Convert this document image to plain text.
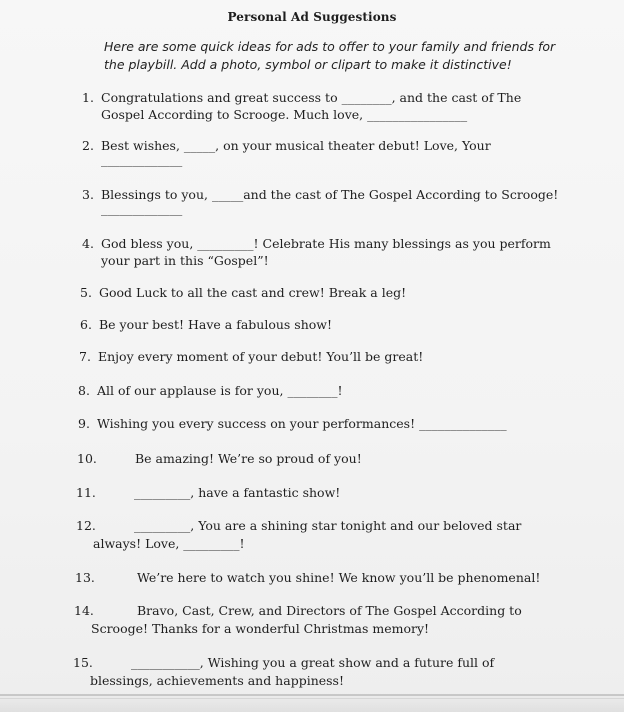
Personal Ad Suggestions
Here are some quick ideas for ads to offer to your family and friends for
the playbill. Add a photo, symbol or clipart to make it distinctive!
1. Congratulations and great success to ________, and the cast of The
Gospel According to Scrooge. Much love, ________________
2. Best wishes, _____, on your musical theater debut! Love, Your
_____________
3. Blessings to you, _____and the cast of The Gospel According to Scrooge!
_____________
4. God bless you, _________! Celebrate His many blessings as you perform
your part in this “Gospel”!
5. Good Luck to all the cast and crew! Break a leg!
6. Be your best! Have a fabulous show!
7. Enjoy every moment of your debut! You’ll be great!
8. All of our applause is for you, ________!
9. Wishing you every success on your performances! ______________
10.	Be amazing! We’re so proud of you!
11.	_________, have a fantastic show!
12.	_________, You are a shining star tonight and our beloved star
always! Love, _________!
13.	We’re here to watch you shine! We know you’ll be phenomenal!
14.	Bravo, Cast, Crew, and Directors of The Gospel According to
Scrooge! Thanks for a wonderful Christmas memory!
15.	___________, Wishing you a great show and a future full of
blessings, achievements and happiness!
